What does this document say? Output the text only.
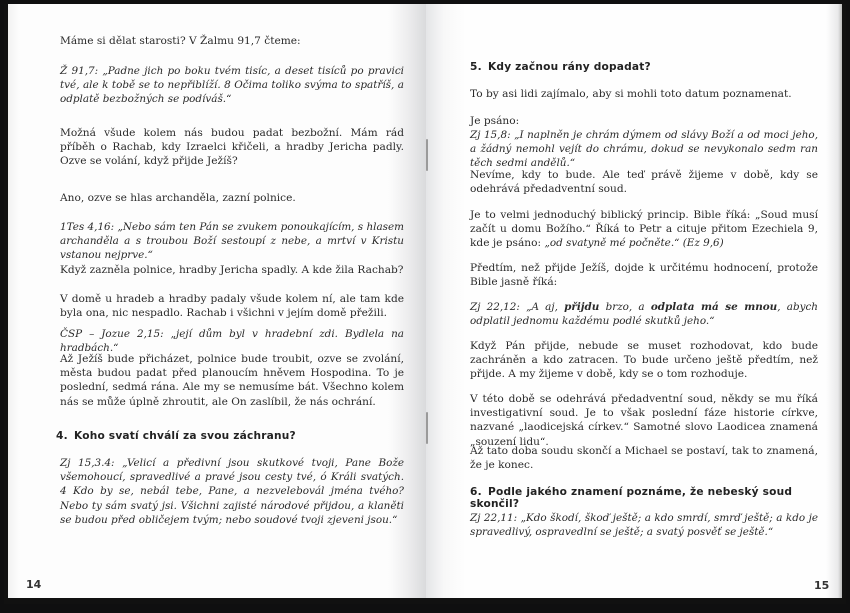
Máme si dělat starosti? V Žalmu 91,7 čteme:
Ž 91,7: „Padne jich po boku tvém tisíc, a deset tisíců po pravici tvé, ale k tobě se to nepřiblíží. 8 Očima toliko svýma to spatříš, a odplatě bezbožných se podíváš.“
Možná všude kolem nás budou padat bezbožní. Mám rád příběh o Rachab, kdy Izraelci křičeli, a hradby Jericha padly. Ozve se volání, když přijde Ježíš?
Ano, ozve se hlas archanděla, zazní polnice.
1Tes 4,16: „Nebo sám ten Pán se zvukem ponoukajícím, s hlasem archanděla a s troubou Boží sestoupí z nebe, a mrtví v Kristu vstanou nejprve.“
Když zazněla polnice, hradby Jericha spadly. A kde žila Rachab?
V domě u hradeb a hradby padaly všude kolem ní, ale tam kde byla ona, nic nespadlo. Rachab i všichni v jejím domě přežili.
ČSP – Jozue 2,15: „její dům byl v hradební zdi. Bydlela na hradbách.“
Až Ježíš bude přicházet, polnice bude troubit, ozve se zvolání, města budou padat před planoucím hněvem Hospodina. To je poslední, sedmá rána. Ale my se nemusíme bát. Všechno kolem nás se může úplně zhroutit, ale On zaslíbil, že nás ochrání.
4. Koho svatí chválí za svou záchranu?
Zj 15,3.4: „Velicí a předivní jsou skutkové tvoji, Pane Bože všemohoucí, spravedlivé a pravé jsou cesty tvé, ó Králi svatých. 4 Kdo by se, nebál tebe, Pane, a nezvelebovál jména tvého? Nebo ty sám svatý jsi. Všichni zajisté národové přijdou, a klaněti se budou před obličejem tvým; nebo soudové tvoji zjeveni jsou.“
14
5. Kdy začnou rány dopadat?
To by asi lidi zajímalo, aby si mohli toto datum poznamenat.
Je psáno:
Zj 15,8: „I naplněn je chrám dýmem od slávy Boží a od moci jeho, a žádný nemohl vejít do chrámu, dokud se nevykonalo sedm ran těch sedmi andělů.“
Nevíme, kdy to bude. Ale teď právě žijeme v době, kdy se odehrává předadventní soud.
Je to velmi jednoduchý biblický princip. Bible říká: „Soud musí začít u domu Božího.“ Říká to Petr a cituje přitom Ezechiela 9, kde je psáno: „od svatyně mé počněte.“ (Ez 9,6)
Předtím, než přijde Ježíš, dojde k určitému hodnocení, protože Bible jasně říká:
Zj 22,12: „A aj, přijdu brzo, a odplata má se mnou, abych odplatil jednomu každému podlé skutků jeho.“
Když Pán přijde, nebude se muset rozhodovat, kdo bude zachráněn a kdo zatracen. To bude určeno ještě předtím, než přijde. A my žijeme v době, kdy se o tom rozhoduje.
V této době se odehrává předadventní soud, někdy se mu říká investigativní soud. Je to však poslední fáze historie církve, nazvané „laodicejská církev.“ Samotné slovo Laodicea znamená „souzení lidu“.
Až tato doba soudu skončí a Michael se postaví, tak to znamená, že je konec.
6. Podle jakého znamení poznáme, že nebeský soud skončil?
Zj 22,11: „Kdo škodí, škoď ještě; a kdo smrdí, smrď ještě; a kdo je spravedlivý, ospravedlní se ještě; a svatý posvěť se ještě.“
15
